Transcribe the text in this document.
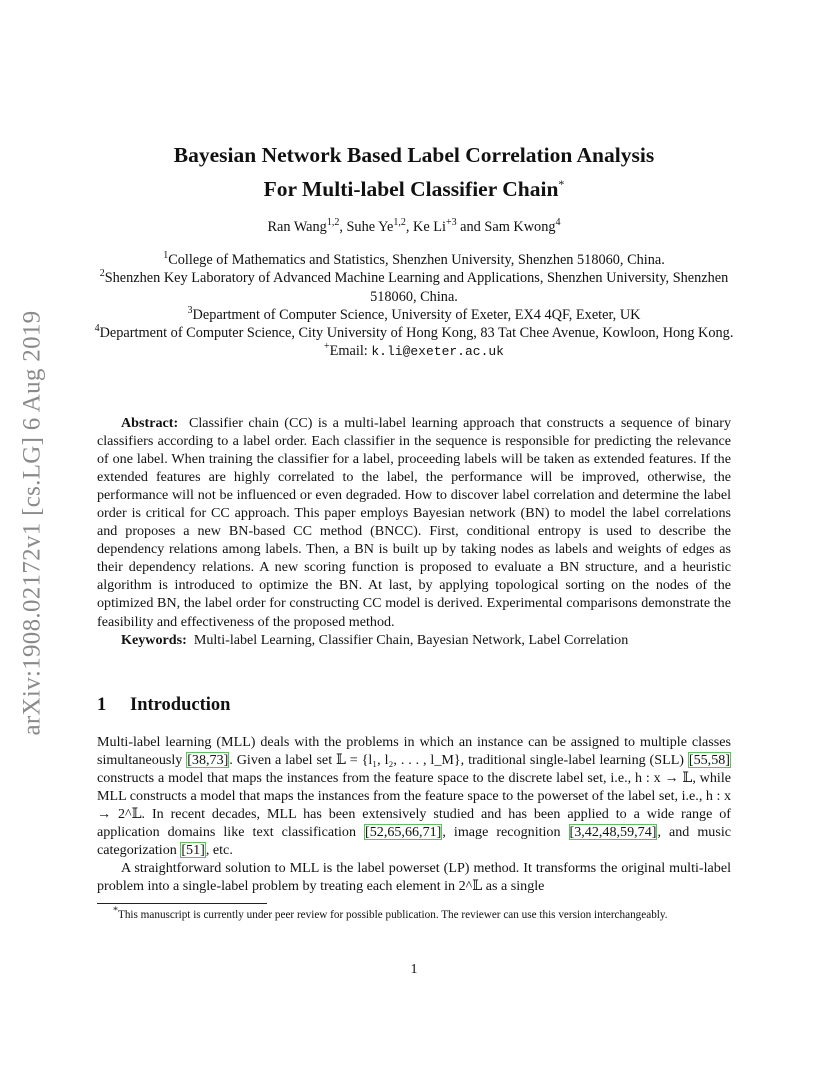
arXiv:1908.02172v1 [cs.LG] 6 Aug 2019
Bayesian Network Based Label Correlation Analysis
For Multi-label Classifier Chain*
Ran Wang$^{1,2}$, Suhe Ye$^{1,2}$, Ke $Li^{+3}$ and Sam Kwong$^4$
$^1$College of Mathematics and Statistics, Shenzhen University, Shenzhen 518060, China.
$^2$Shenzhen Key Laboratory of Advanced Machine Learning and Applications, Shenzhen University, Shenzhen 518060, China.
$^3$Department of Computer Science, University of Exeter, EX4 4QF, Exeter, UK
$^4$Department of Computer Science, City University of Hong Kong, 83 Tat Chee Avenue, Kowloon, Hong Kong.
+Email: k.li@exeter.ac.uk

Abstract: Classifier chain (CC) is a multi-label learning approach that constructs a sequence of binary classifiers according to a label order. Each classifier in the sequence is responsible for predicting the relevance of one label. When training the classifier for a label, proceeding labels will be taken as extended features. If the extended features are highly correlated to the label, the performance will be improved, otherwise, the performance will not be influenced or even degraded. How to discover label correlation and determine the label order is critical for CC approach. This paper employs Bayesian network (BN) to model the label correlations and proposes a new BN-based CC method (BNCC). First, conditional entropy is used to describe the dependency relations among labels. Then, a BN is built up by taking nodes as labels and weights of edges as their dependency relations. A new scoring function is proposed to evaluate a BN structure, and a heuristic algorithm is introduced to optimize the BN. At last, by applying topological sorting on the nodes of the optimized BN, the label order for constructing CC model is derived. Experimental comparisons demonstrate the feasibility and effectiveness of the proposed method.

Keywords: Multi-label Learning, Classifier Chain, Bayesian Network, Label Correlation

1 Introduction

Multi-label learning (MLL) deals with the problems in which an instance can be assigned to multiple classes simultaneously [38,73]. Given a label set 𝕃 = {l₁, l₂, . . . , l_M}, traditional single-label learning (SLL) [55,58] constructs a model that maps the instances from the feature space to the discrete label set, i.e., h : x → 𝕃, while MLL constructs a model that maps the instances from the feature space to the powerset of the label set, i.e., h : x → 2^𝕃. In recent decades, MLL has been extensively studied and has been applied to a wide range of application domains like text classification [52,65,66,71], image recognition [3,42,48,59,74], and music categorization [51], etc.

A straightforward solution to MLL is the label powerset (LP) method. It transforms the original multi-label problem into a single-label problem by treating each element in 2^𝕃 as a single

*This manuscript is currently under peer review for possible publication. The reviewer can use this version interchangeably.
1
